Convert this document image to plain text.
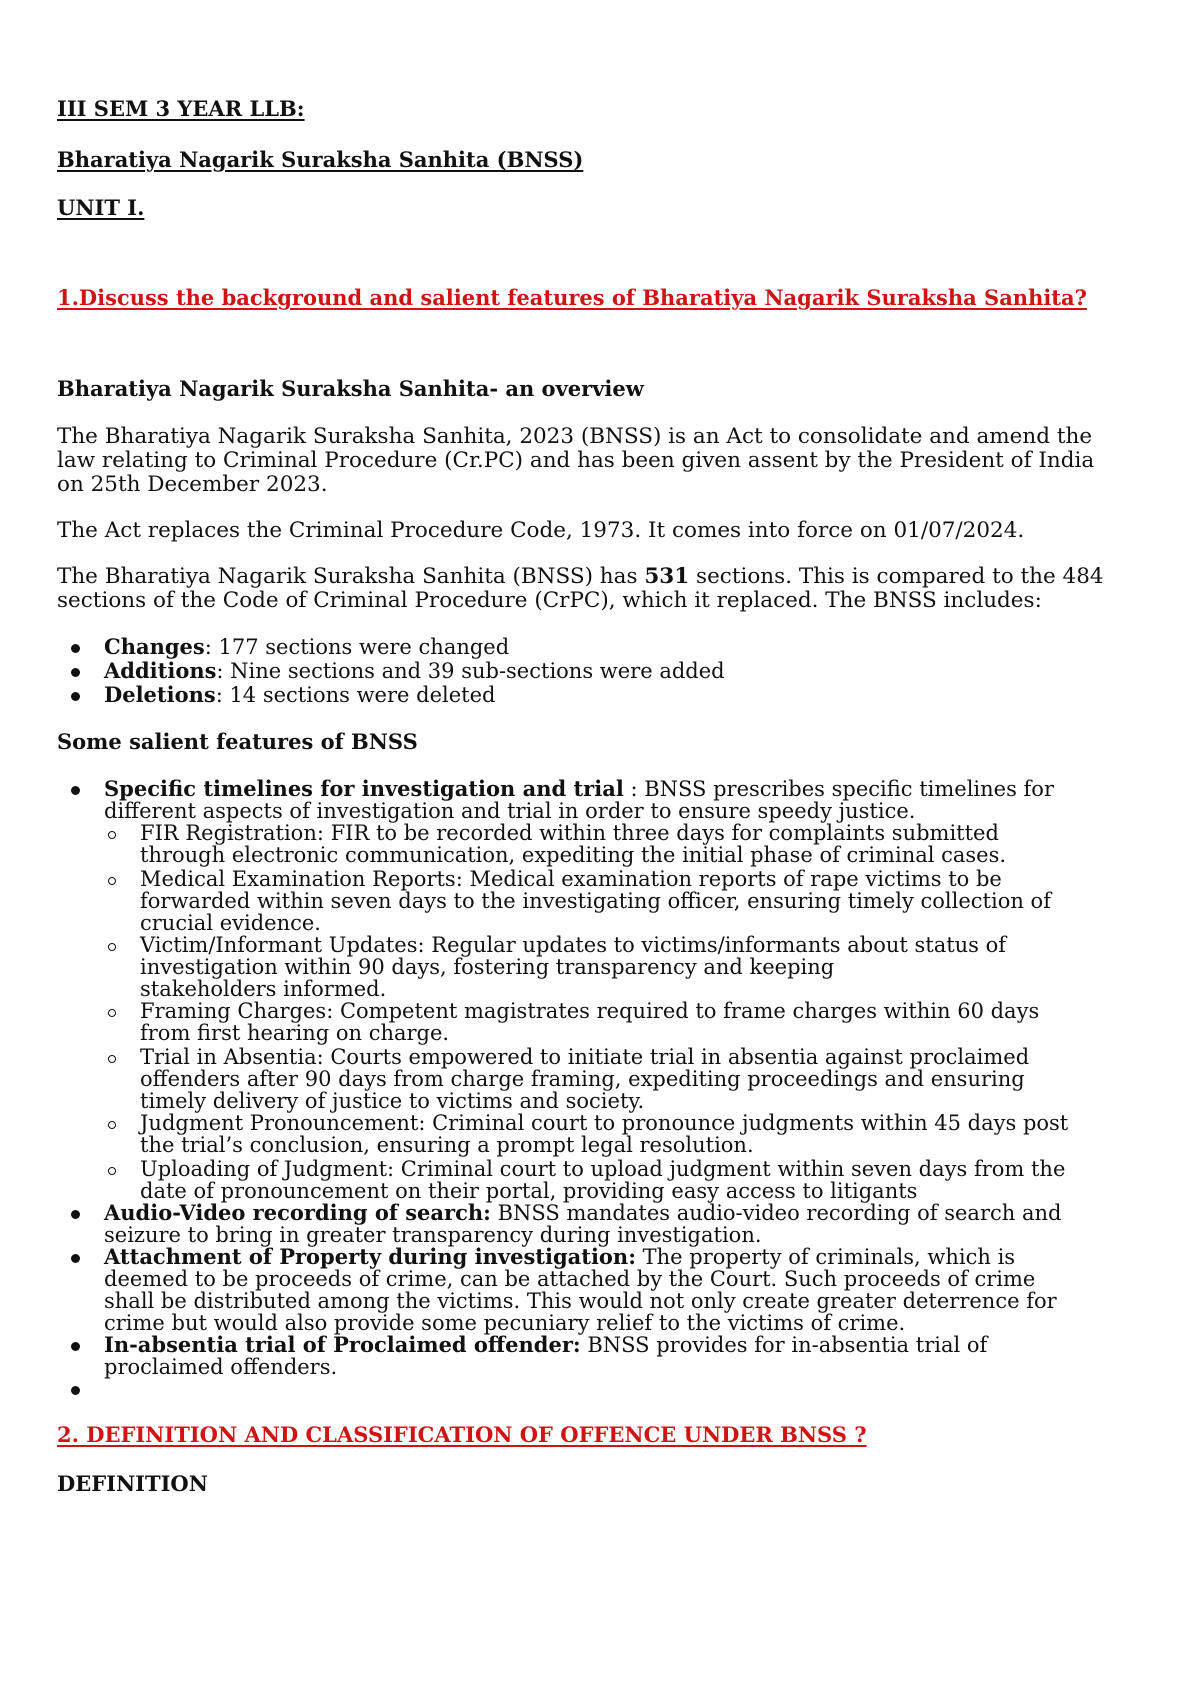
III SEM 3 YEAR LLB:
Bharatiya Nagarik Suraksha Sanhita (BNSS)
UNIT I.
1.Discuss the background and salient features of Bharatiya Nagarik Suraksha Sanhita?
Bharatiya Nagarik Suraksha Sanhita- an overview
The Bharatiya Nagarik Suraksha Sanhita, 2023 (BNSS) is an Act to consolidate and amend the
law relating to Criminal Procedure (Cr.PC) and has been given assent by the President of India
on 25th December 2023.
The Act replaces the Criminal Procedure Code, 1973. It comes into force on 01/07/2024.
The Bharatiya Nagarik Suraksha Sanhita (BNSS) has 531 sections. This is compared to the 484
sections of the Code of Criminal Procedure (CrPC), which it replaced. The BNSS includes:
Changes: 177 sections were changed
Additions: Nine sections and 39 sub-sections were added
Deletions: 14 sections were deleted
Some salient features of BNSS
Specific timelines for investigation and trial : BNSS prescribes specific timelines for
different aspects of investigation and trial in order to ensure speedy justice.
FIR Registration: FIR to be recorded within three days for complaints submitted
through electronic communication, expediting the initial phase of criminal cases.
Medical Examination Reports: Medical examination reports of rape victims to be
forwarded within seven days to the investigating officer, ensuring timely collection of
crucial evidence.
Victim/Informant Updates: Regular updates to victims/informants about status of
investigation within 90 days, fostering transparency and keeping
stakeholders informed.
Framing Charges: Competent magistrates required to frame charges within 60 days
from first hearing on charge.
Trial in Absentia: Courts empowered to initiate trial in absentia against proclaimed
offenders after 90 days from charge framing, expediting proceedings and ensuring
timely delivery of justice to victims and society.
Judgment Pronouncement: Criminal court to pronounce judgments within 45 days post
the trial’s conclusion, ensuring a prompt legal resolution.
Uploading of Judgment: Criminal court to upload judgment within seven days from the
date of pronouncement on their portal, providing easy access to litigants
Audio-Video recording of search: BNSS mandates audio-video recording of search and
seizure to bring in greater transparency during investigation.
Attachment of Property during investigation: The property of criminals, which is
deemed to be proceeds of crime, can be attached by the Court. Such proceeds of crime
shall be distributed among the victims. This would not only create greater deterrence for
crime but would also provide some pecuniary relief to the victims of crime.
In-absentia trial of Proclaimed offender: BNSS provides for in-absentia trial of
proclaimed offenders.
2. DEFINITION AND CLASSIFICATION OF OFFENCE UNDER BNSS ?
DEFINITION
